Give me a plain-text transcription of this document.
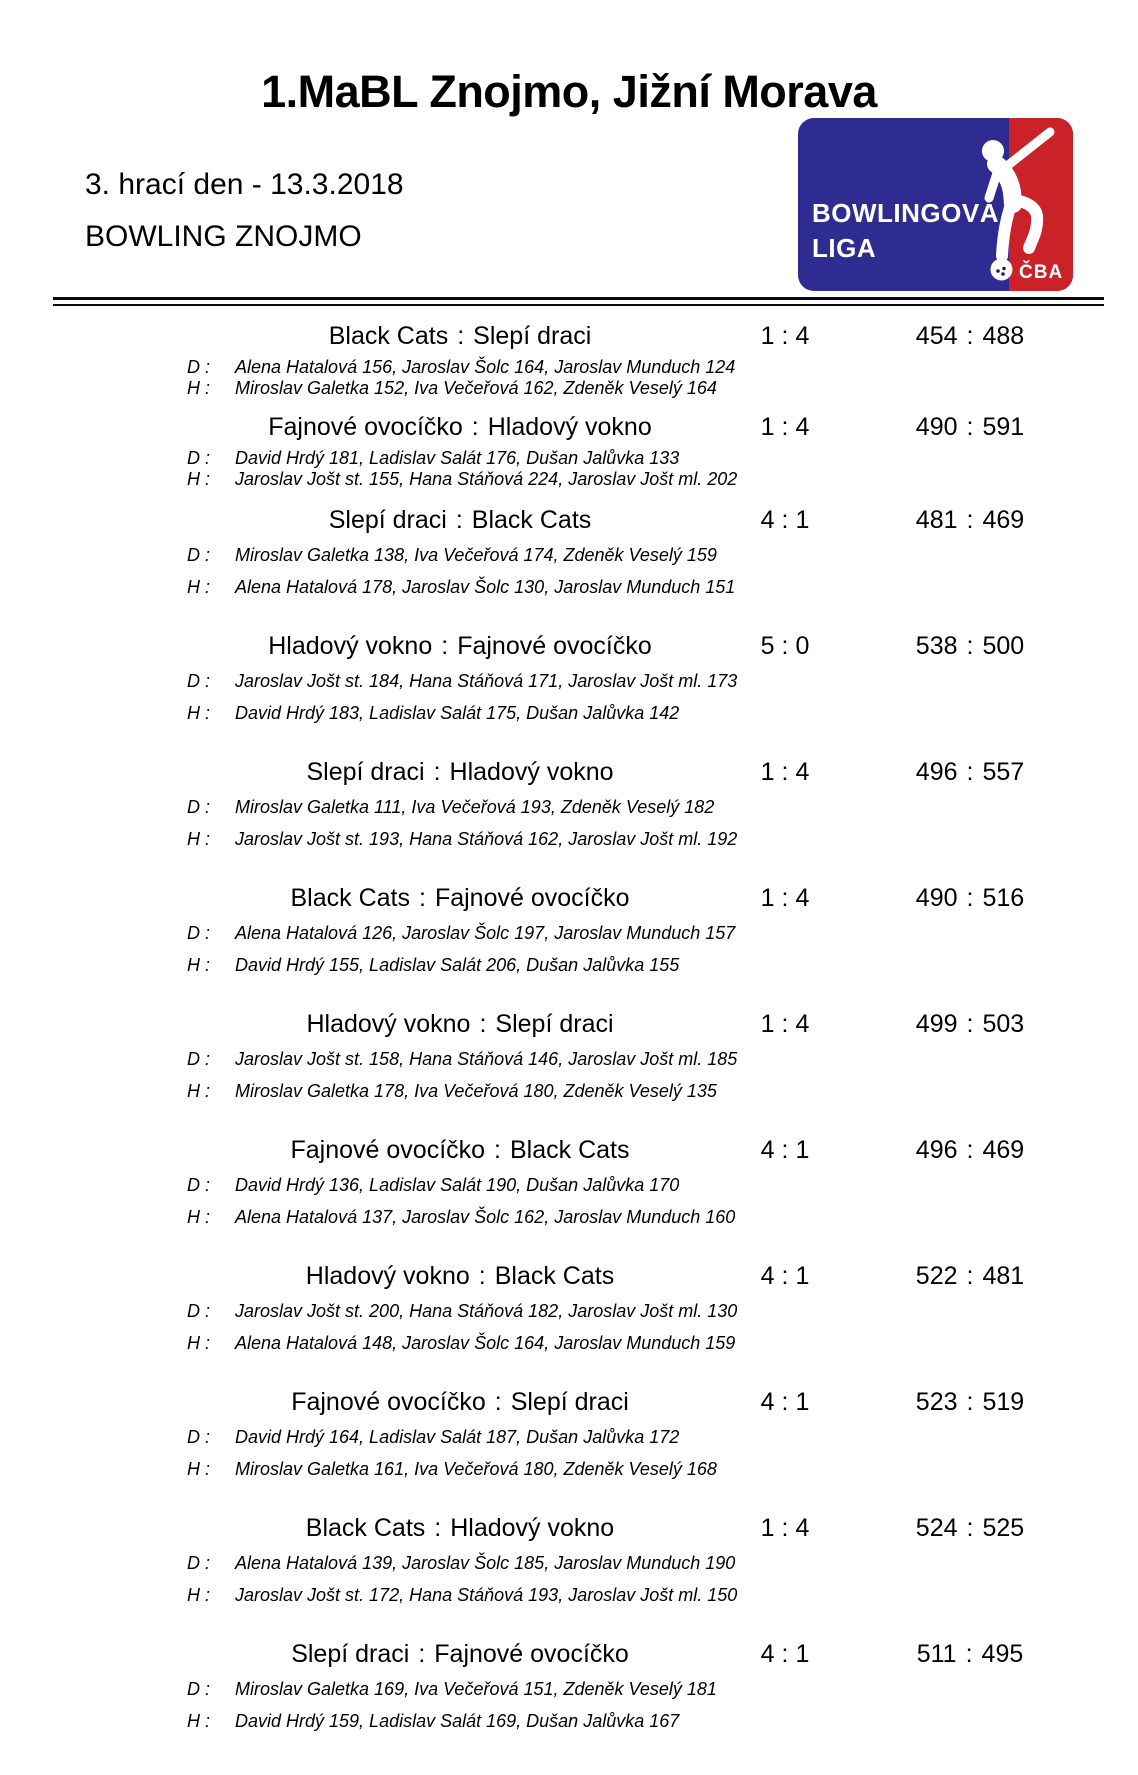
1.MaBL Znojmo, Jižní Morava
3. hrací den - 13.3.2018
BOWLING ZNOJMO
BOWLINGOVÁ
LIGA
ČBA
Black Cats : Slepí draci	1 : 4	454 : 488
D : Alena Hatalová 156, Jaroslav Šolc 164, Jaroslav Munduch 124
H : Miroslav Galetka 152, Iva Večeřová 162, Zdeněk Veselý 164
Fajnové ovocíčko : Hladový vokno	1 : 4	490 : 591
D : David Hrdý 181, Ladislav Salát 176, Dušan Jalůvka 133
H : Jaroslav Jošt st. 155, Hana Stáňová 224, Jaroslav Jošt ml. 202
Slepí draci : Black Cats	4 : 1	481 : 469
D : Miroslav Galetka 138, Iva Večeřová 174, Zdeněk Veselý 159
H : Alena Hatalová 178, Jaroslav Šolc 130, Jaroslav Munduch 151
Hladový vokno : Fajnové ovocíčko	5 : 0	538 : 500
D : Jaroslav Jošt st. 184, Hana Stáňová 171, Jaroslav Jošt ml. 173
H : David Hrdý 183, Ladislav Salát 175, Dušan Jalůvka 142
Slepí draci : Hladový vokno	1 : 4	496 : 557
D : Miroslav Galetka 111, Iva Večeřová 193, Zdeněk Veselý 182
H : Jaroslav Jošt st. 193, Hana Stáňová 162, Jaroslav Jošt ml. 192
Black Cats : Fajnové ovocíčko	1 : 4	490 : 516
D : Alena Hatalová 126, Jaroslav Šolc 197, Jaroslav Munduch 157
H : David Hrdý 155, Ladislav Salát 206, Dušan Jalůvka 155
Hladový vokno : Slepí draci	1 : 4	499 : 503
D : Jaroslav Jošt st. 158, Hana Stáňová 146, Jaroslav Jošt ml. 185
H : Miroslav Galetka 178, Iva Večeřová 180, Zdeněk Veselý 135
Fajnové ovocíčko : Black Cats	4 : 1	496 : 469
D : David Hrdý 136, Ladislav Salát 190, Dušan Jalůvka 170
H : Alena Hatalová 137, Jaroslav Šolc 162, Jaroslav Munduch 160
Hladový vokno : Black Cats	4 : 1	522 : 481
D : Jaroslav Jošt st. 200, Hana Stáňová 182, Jaroslav Jošt ml. 130
H : Alena Hatalová 148, Jaroslav Šolc 164, Jaroslav Munduch 159
Fajnové ovocíčko : Slepí draci	4 : 1	523 : 519
D : David Hrdý 164, Ladislav Salát 187, Dušan Jalůvka 172
H : Miroslav Galetka 161, Iva Večeřová 180, Zdeněk Veselý 168
Black Cats : Hladový vokno	1 : 4	524 : 525
D : Alena Hatalová 139, Jaroslav Šolc 185, Jaroslav Munduch 190
H : Jaroslav Jošt st. 172, Hana Stáňová 193, Jaroslav Jošt ml. 150
Slepí draci : Fajnové ovocíčko	4 : 1	511 : 495
D : Miroslav Galetka 169, Iva Večeřová 151, Zdeněk Veselý 181
H : David Hrdý 159, Ladislav Salát 169, Dušan Jalůvka 167
